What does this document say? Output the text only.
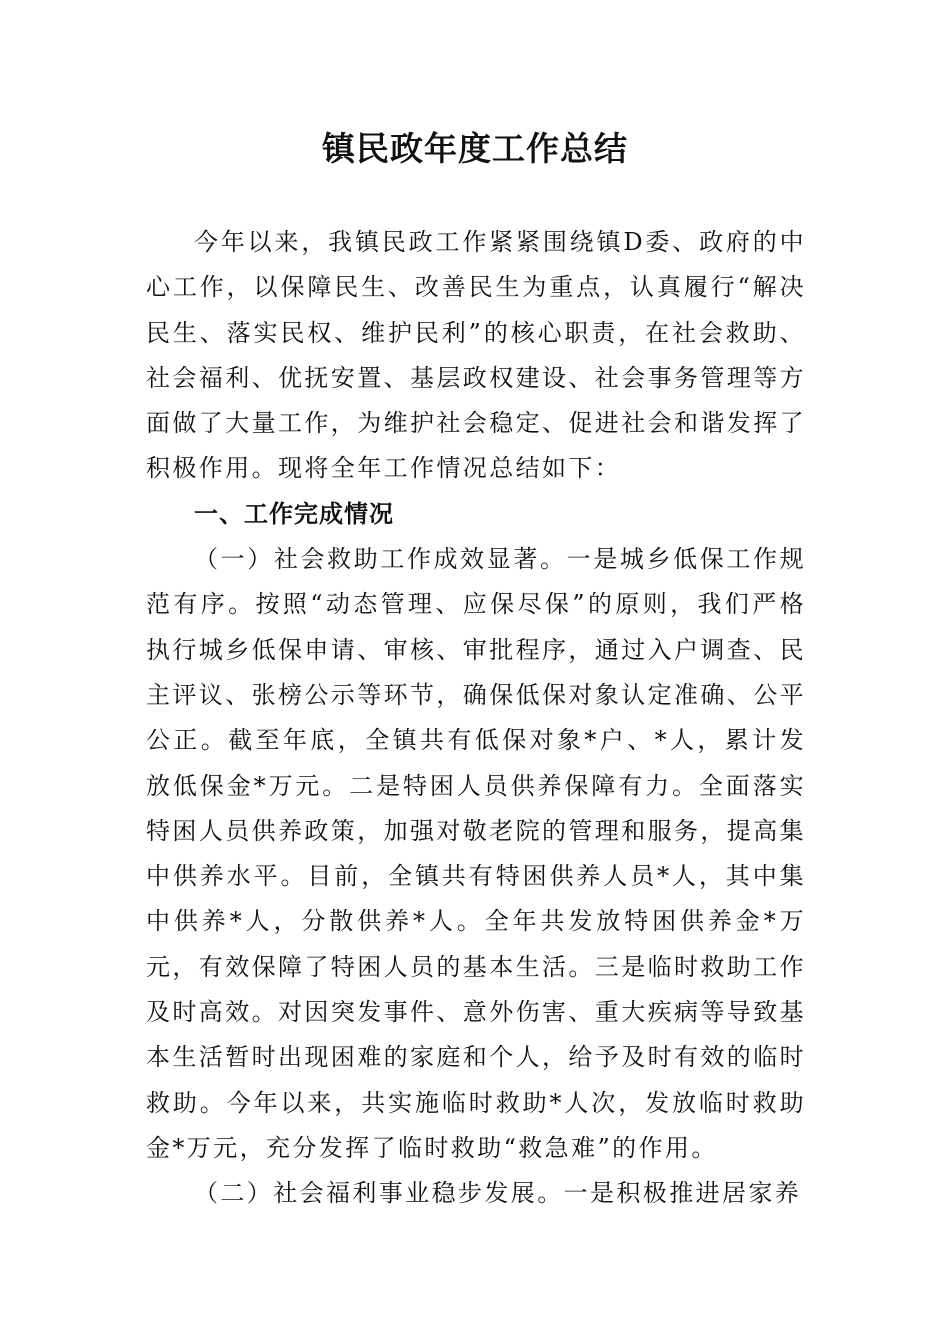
镇民政年度工作总结

今年以来，我镇民政工作紧紧围绕镇D委、政府的中心工作，以保障民生、改善民生为重点，认真履行“解决民生、落实民权、维护民利”的核心职责，在社会救助、社会福利、优抚安置、基层政权建设、社会事务管理等方面做了大量工作，为维护社会稳定、促进社会和谐发挥了积极作用。现将全年工作情况总结如下：

一、工作完成情况

（一）社会救助工作成效显著。一是城乡低保工作规范有序。按照“动态管理、应保尽保”的原则，我们严格执行城乡低保申请、审核、审批程序，通过入户调查、民主评议、张榜公示等环节，确保低保对象认定准确、公平公正。截至年底，全镇共有低保对象*户、*人，累计发放低保金*万元。二是特困人员供养保障有力。全面落实特困人员供养政策，加强对敬老院的管理和服务，提高集中供养水平。目前，全镇共有特困供养人员*人，其中集中供养*人，分散供养*人。全年共发放特困供养金*万元，有效保障了特困人员的基本生活。三是临时救助工作及时高效。对因突发事件、意外伤害、重大疾病等导致基本生活暂时出现困难的家庭和个人，给予及时有效的临时救助。今年以来，共实施临时救助*人次，发放临时救助金*万元，充分发挥了临时救助“救急难”的作用。

（二）社会福利事业稳步发展。一是积极推进居家养
